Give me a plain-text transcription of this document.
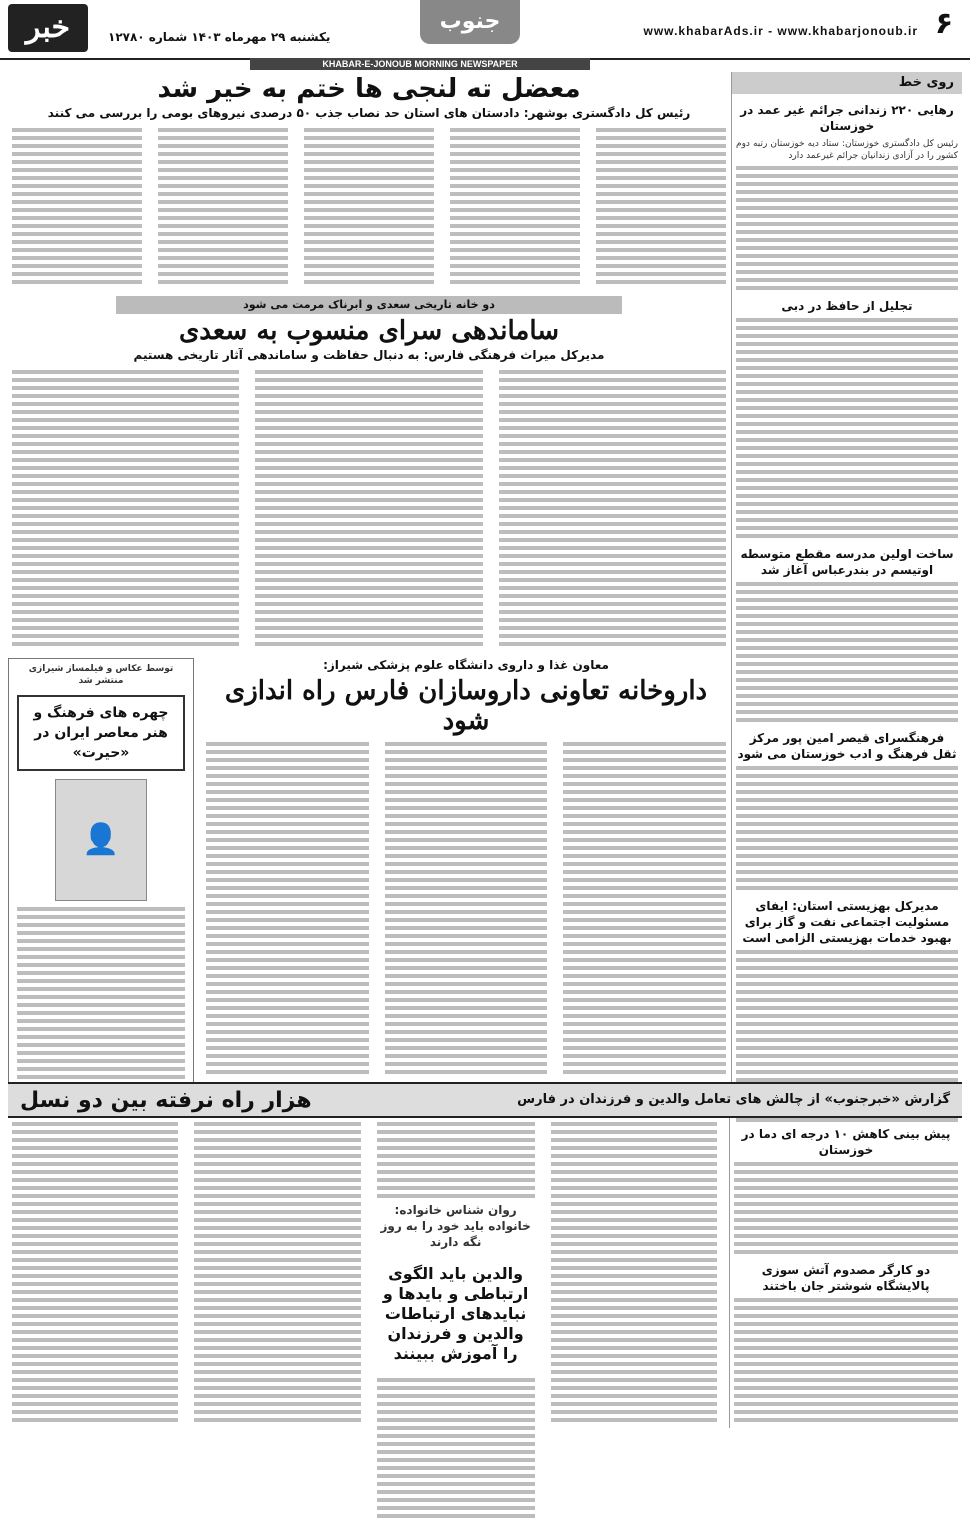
۶
www.khabarAds.ir - www.khabarjonoub.ir
جنوب
یکشنبه ۲۹ مهرماه ۱۴۰۳ شماره ۱۲۷۸۰
خبر
KHABAR-E-JONOUB MORNING NEWSPAPER
روی خط
رهایی ۲۲۰ زندانی جرائم غیر عمد در خوزستان
رئیس کل دادگستری خوزستان: ستاد دیه خوزستان رتبه دوم کشور را در آزادی زندانیان جرائم غیرعمد دارد
تجلیل از حافظ در دبی
ساخت اولین مدرسه مقطع متوسطه اوتیسم در بندرعباس آغاز شد
فرهنگسرای قیصر امین پور مرکز ثقل فرهنگ و ادب خوزستان می شود
مدیرکل بهزیستی استان: ایفای مسئولیت اجتماعی نفت و گاز برای بهبود خدمات بهزیستی الزامی است
معضل ته لنجی ها ختم به خیر شد
رئیس کل دادگستری بوشهر: دادستان های استان حد نصاب جذب ۵۰ درصدی نیروهای بومی را بررسی می کنند
دو خانه تاریخی سعدی و ابرناک مرمت می شود
ساماندهی سرای منسوب به سعدی
مدیرکل میراث فرهنگی فارس: به دنبال حفاظت و ساماندهی آثار تاریخی هستیم
معاون غذا و داروی دانشگاه علوم پزشکی شیراز:
داروخانه تعاونی داروسازان فارس راه اندازی شود
توسط عکاس و فیلمساز شیرازی منتشر شد
چهره های فرهنگ و هنر معاصر ایران در «حیرت»
👤
هزار راه نرفته بین دو نسل	گزارش «خبرجنوب» از چالش های تعامل والدین و فرزندان در فارس
پیش بینی کاهش ۱۰ درجه ای دما در خوزستان
دو کارگر مصدوم آتش سوزی پالایشگاه شوشتر جان باختند
روان شناس خانواده: خانواده باید خود را به روز نگه دارند
والدین باید الگوی ارتباطی و بایدها و نبایدهای ارتباطات والدین و فرزندان را آموزش ببینند
